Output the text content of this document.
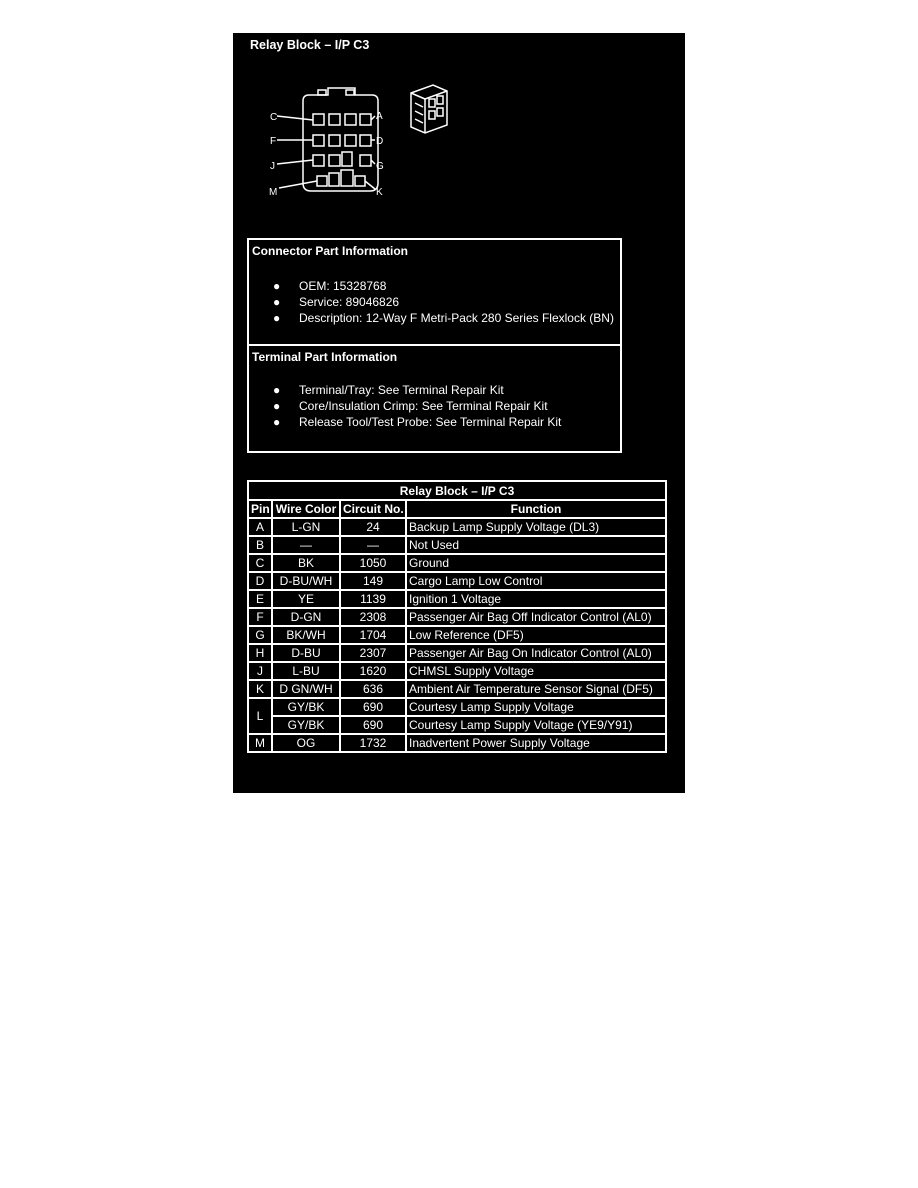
Relay Block – I/P C3
C	A
F	D
J	G
M	K
Connector Part Information
● OEM: 15328768
● Service: 89046826
● Description: 12-Way F Metri-Pack 280 Series Flexlock (BN)
Terminal Part Information
● Terminal/Tray: See Terminal Repair Kit
● Core/Insulation Crimp: See Terminal Repair Kit
● Release Tool/Test Probe: See Terminal Repair Kit
Relay Block – I/P C3			
Pin	Wire Color	Circuit No.	Function
A	L-GN	24	Backup Lamp Supply Voltage (DL3)
B	—	—	Not Used
C	BK	1050	Ground
D	D-BU/WH	149	Cargo Lamp Low Control
E	YE	1139	Ignition 1 Voltage
F	D-GN	2308	Passenger Air Bag Off Indicator Control (AL0)
G	BK/WH	1704	Low Reference (DF5)
H	D-BU	2307	Passenger Air Bag On Indicator Control (AL0)
J	L-BU	1620	CHMSL Supply Voltage
K	D GN/WH	636	Ambient Air Temperature Sensor Signal (DF5)
L	GY/BK	690	Courtesy Lamp Supply Voltage
	GY/BK	690	Courtesy Lamp Supply Voltage (YE9/Y91)
M	OG	1732	Inadvertent Power Supply Voltage
